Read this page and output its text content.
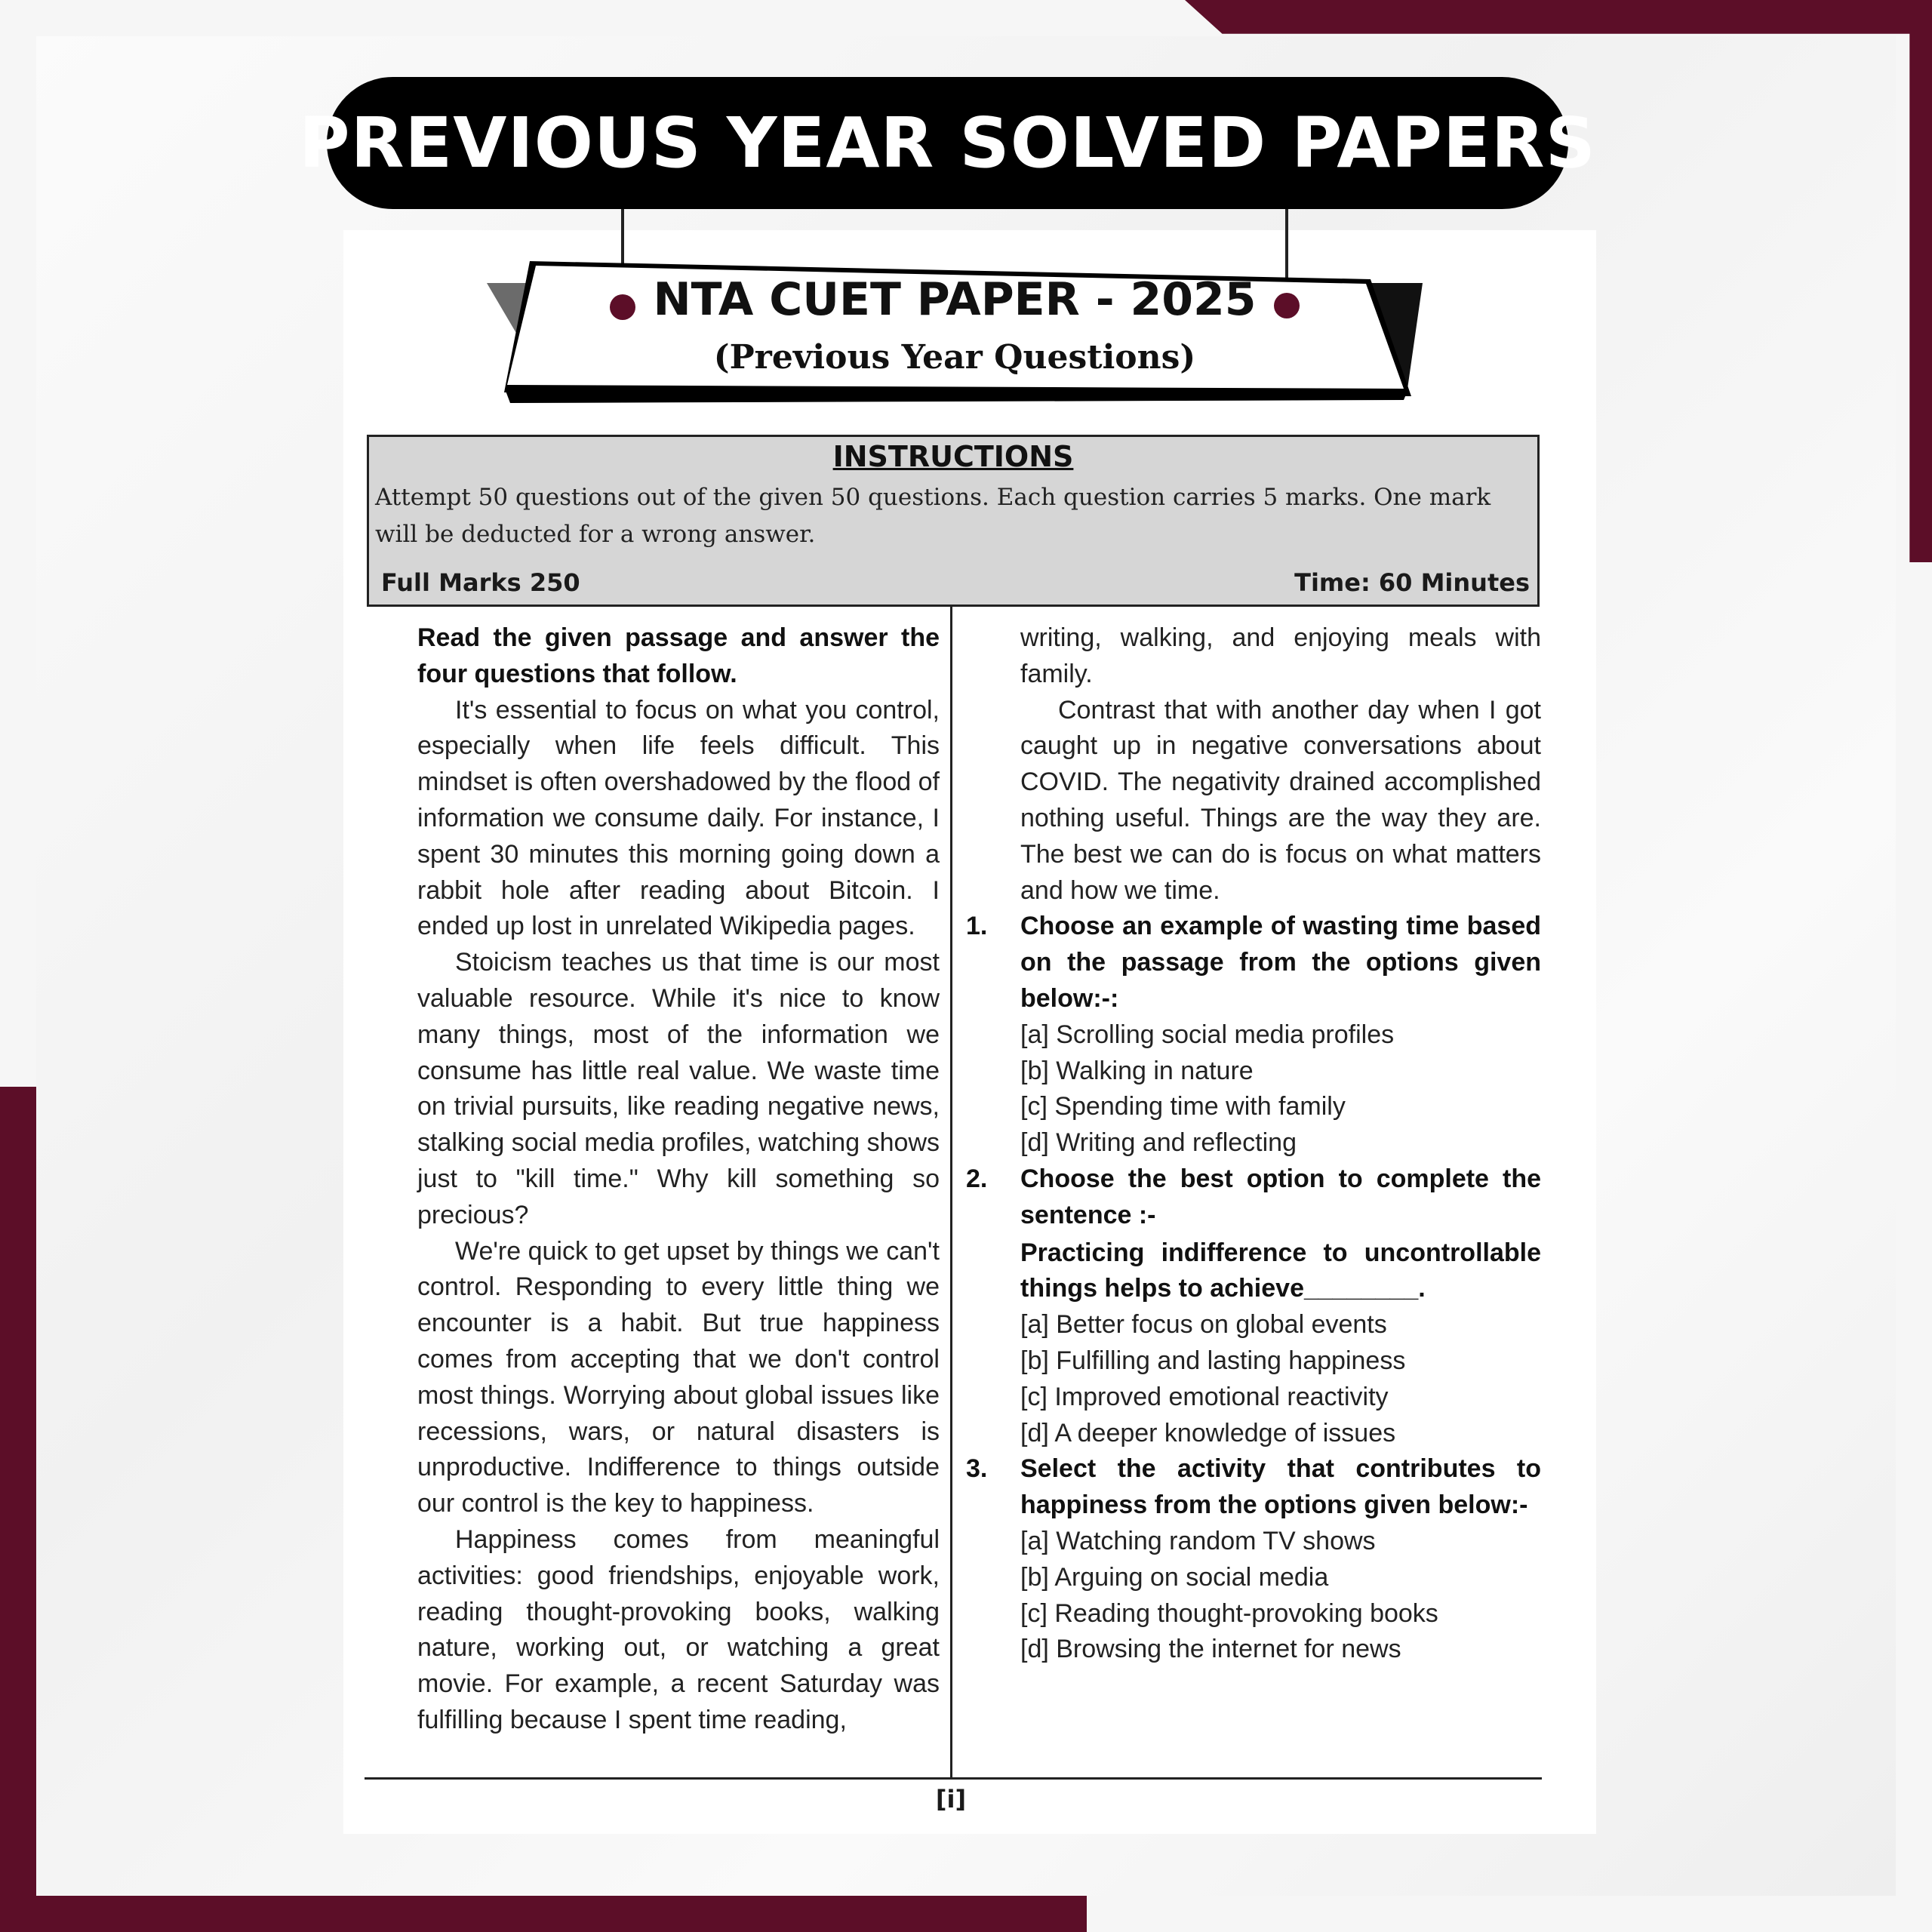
PREVIOUS YEAR SOLVED PAPERS
NTA CUET PAPER - 2025
(Previous Year Questions)
INSTRUCTIONS
Attempt 50 questions out of the given 50 questions. Each question carries 5 marks. One mark will be deducted for a wrong answer.
Full Marks 250	Time: 60 Minutes

Read the given passage and answer the four questions that follow.

It's essential to focus on what you control, especially when life feels difficult. This mindset is often overshadowed by the flood of information we consume daily. For instance, I spent 30 minutes this morning going down a rabbit hole after reading about Bitcoin. I ended up lost in unrelated Wikipedia pages.

Stoicism teaches us that time is our most valuable resource. While it's nice to know many things, most of the information we consume has little real value. We waste time on trivial pursuits, like reading negative news, stalking social media profiles, watching shows just to "kill time." Why kill something so precious?

We're quick to get upset by things we can't control. Responding to every little thing we encounter is a habit. But true happiness comes from accepting that we don't control most things. Worrying about global issues like recessions, wars, or natural disasters is unproductive. Indifference to things outside our control is the key to happiness.

Happiness comes from meaningful activities: good friendships, enjoyable work, reading thought-provoking books, walking nature, working out, or watching a great movie. For example, a recent Saturday was fulfilling because I spent time reading,

writing, walking, and enjoying meals with family.

Contrast that with another day when I got caught up in negative conversations about COVID. The negativity drained accomplished nothing useful. Things are the way they are. The best we can do is focus on what matters and how we time.

1. Choose an example of wasting time based on the passage from the options given below:-:

[a] Scrolling social media profiles

[b] Walking in nature

[c] Spending time with family

[d] Writing and reflecting

2. Choose the best option to complete the sentence :-

Practicing indifference to uncontrollable things helps to achieve________.

[a] Better focus on global events

[b] Fulfilling and lasting happiness

[c] Improved emotional reactivity

[d] A deeper knowledge of issues

3. Select the activity that contributes to happiness from the options given below:-

[a] Watching random TV shows

[b] Arguing on social media

[c] Reading thought-provoking books

[d] Browsing the internet for news

[i]
